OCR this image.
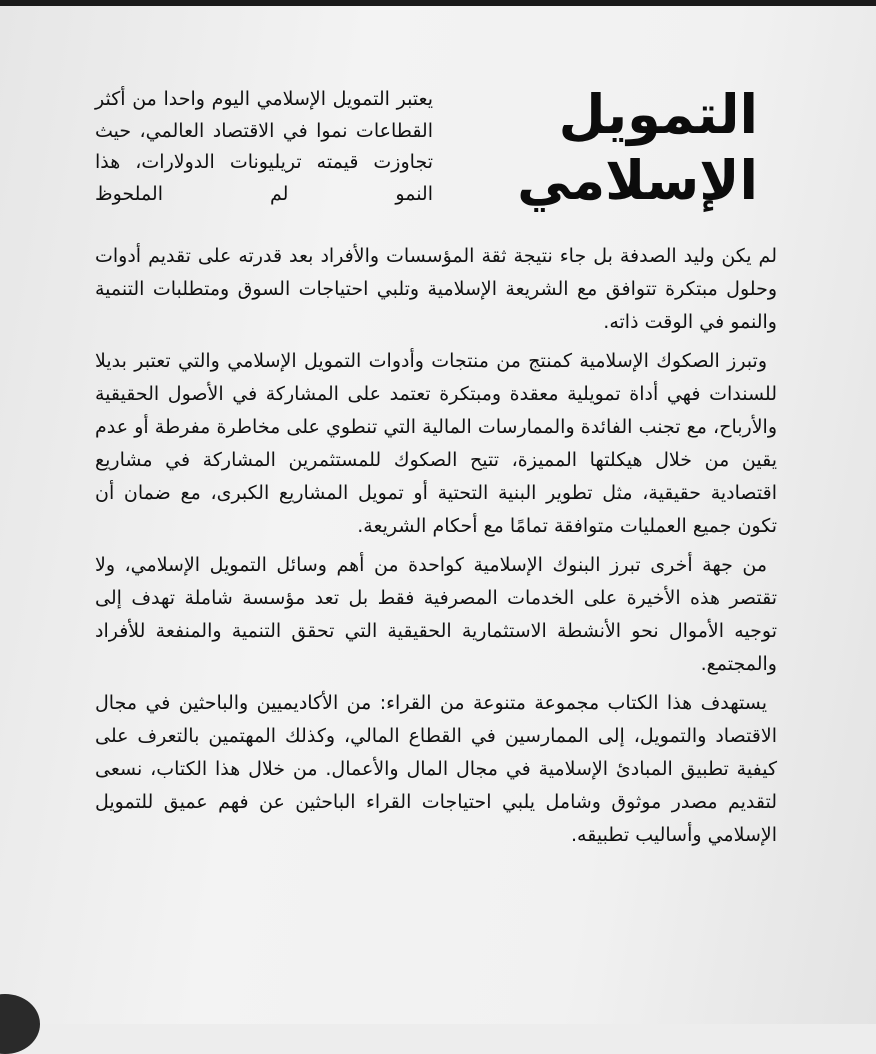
التمويل
الإسلامي

يعتبر التمويل الإسلامي اليوم واحدا من أكثر القطاعات نموا في الاقتصاد العالمي، حيث تجاوزت قيمته تريليونات الدولارات، هذا النمو لم الملحوظ

لم يكن وليد الصدفة بل جاء نتيجة ثقة المؤسسات والأفراد بعد قدرته على تقديم أدوات وحلول مبتكرة تتوافق مع الشريعة الإسلامية وتلبي احتياجات السوق ومتطلبات التنمية والنمو في الوقت ذاته.

وتبرز الصكوك الإسلامية كمنتج من منتجات وأدوات التمويل الإسلامي والتي تعتبر بديلا للسندات فهي أداة تمويلية معقدة ومبتكرة تعتمد على المشاركة في الأصول الحقيقية والأرباح، مع تجنب الفائدة والممارسات المالية التي تنطوي على مخاطرة مفرطة أو عدم يقين من خلال هيكلتها المميزة، تتيح الصكوك للمستثمرين المشاركة في مشاريع اقتصادية حقيقية، مثل تطوير البنية التحتية أو تمويل المشاريع الكبرى، مع ضمان أن تكون جميع العمليات متوافقة تمامًا مع أحكام الشريعة.

من جهة أخرى تبرز البنوك الإسلامية كواحدة من أهم وسائل التمويل الإسلامي، ولا تقتصر هذه الأخيرة على الخدمات المصرفية فقط بل تعد مؤسسة شاملة تهدف إلى توجيه الأموال نحو الأنشطة الاستثمارية الحقيقية التي تحقق التنمية والمنفعة للأفراد والمجتمع.

يستهدف هذا الكتاب مجموعة متنوعة من القراء: من الأكاديميين والباحثين في مجال الاقتصاد والتمويل، إلى الممارسين في القطاع المالي، وكذلك المهتمين بالتعرف على كيفية تطبيق المبادئ الإسلامية في مجال المال والأعمال. من خلال هذا الكتاب، نسعى لتقديم مصدر موثوق وشامل يلبي احتياجات القراء الباحثين عن فهم عميق للتمويل الإسلامي وأساليب تطبيقه.
